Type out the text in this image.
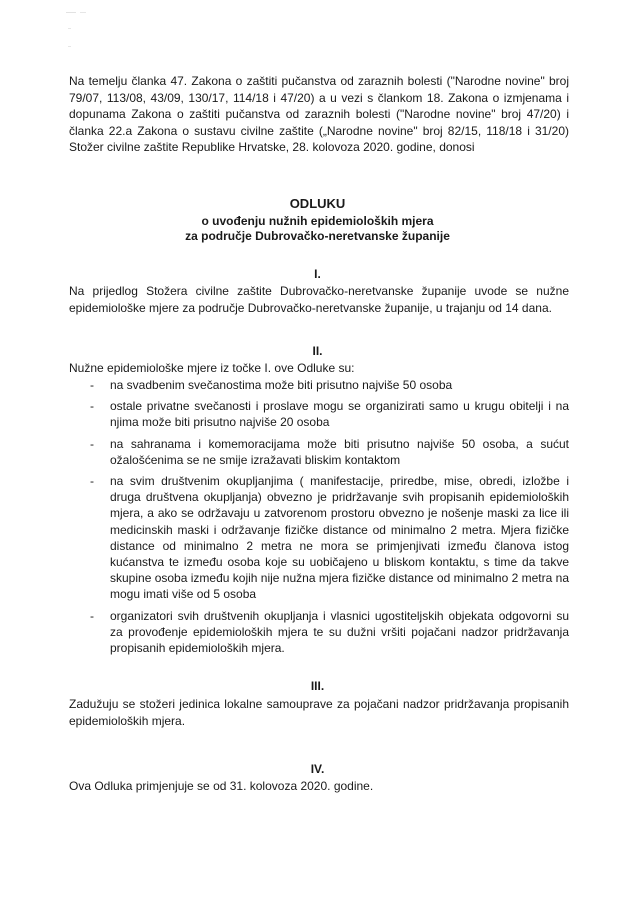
Na temelju članka 47. Zakona o zaštiti pučanstva od zaraznih bolesti ("Narodne novine" broj 79/07, 113/08, 43/09, 130/17, 114/18 i 47/20) a u vezi s člankom 18. Zakona o izmjenama i dopunama Zakona o zaštiti pučanstva od zaraznih bolesti ("Narodne novine" broj 47/20) i članka 22.a Zakona o sustavu civilne zaštite („Narodne novine" broj 82/15, 118/18 i 31/20) Stožer civilne zaštite Republike Hrvatske, 28. kolovoza 2020. godine, donosi
ODLUKU
o uvođenju nužnih epidemioloških mjera
za područje Dubrovačko-neretvanske županije
I.
Na prijedlog Stožera civilne zaštite Dubrovačko-neretvanske županije uvode se nužne epidemiološke mjere za područje Dubrovačko-neretvanske županije, u trajanju od 14 dana.
II.
Nužne epidemiološke mjere iz točke I. ove Odluke su:
- na svadbenim svečanostima može biti prisutno najviše 50 osoba
- ostale privatne svečanosti i proslave mogu se organizirati samo u krugu obitelji i na njima može biti prisutno najviše 20 osoba
- na sahranama i komemoracijama može biti prisutno najviše 50 osoba, a sućut ožalošćenima se ne smije izražavati bliskim kontaktom
- na svim društvenim okupljanjima ( manifestacije, priredbe, mise, obredi, izložbe i druga društvena okupljanja) obvezno je pridržavanje svih propisanih epidemioloških mjera, a ako se održavaju u zatvorenom prostoru obvezno je nošenje maski za lice ili medicinskih maski i održavanje fizičke distance od minimalno 2 metra. Mjera fizičke distance od minimalno 2 metra ne mora se primjenjivati između članova istog kućanstva te između osoba koje su uobičajeno u bliskom kontaktu, s time da takve skupine osoba između kojih nije nužna mjera fizičke distance od minimalno 2 metra na mogu imati više od 5 osoba
- organizatori svih društvenih okupljanja i vlasnici ugostiteljskih objekata odgovorni su za provođenje epidemioloških mjera te su dužni vršiti pojačani nadzor pridržavanja propisanih epidemioloških mjera.
III.
Zadužuju se stožeri jedinica lokalne samouprave za pojačani nadzor pridržavanja propisanih epidemioloških mjera.
IV.
Ova Odluka primjenjuje se od 31. kolovoza 2020. godine.
